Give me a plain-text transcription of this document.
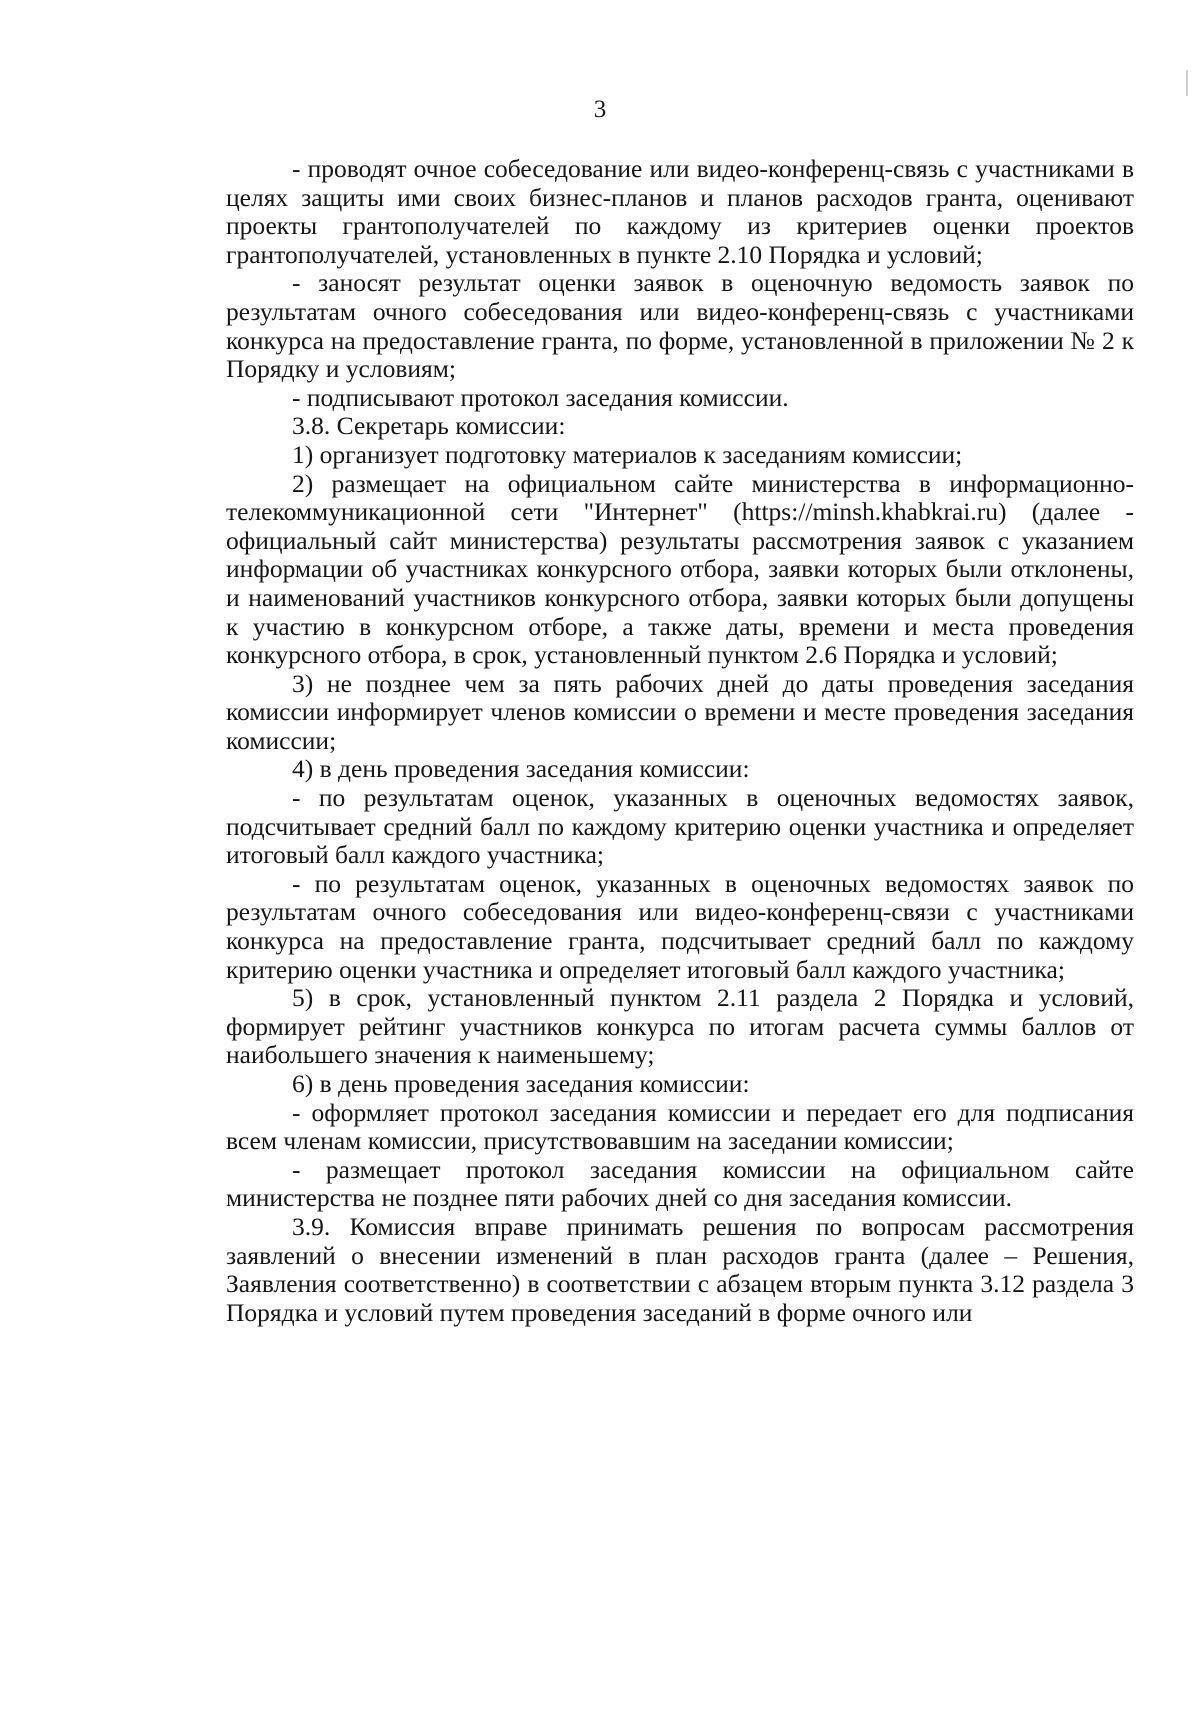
3

- проводят очное собеседование или видео-конференц-связь с участниками в целях защиты ими своих бизнес-планов и планов расходов гранта, оценивают проекты грантополучателей по каждому из критериев оценки проектов грантополучателей, установленных в пункте 2.10 Порядка и условий;

- заносят результат оценки заявок в оценочную ведомость заявок по результатам очного собеседования или видео-конференц-связь с участниками конкурса на предоставление гранта, по форме, установленной в приложении № 2 к Порядку и условиям;

- подписывают протокол заседания комиссии.

3.8. Секретарь комиссии:

1) организует подготовку материалов к заседаниям комиссии;

2) размещает на официальном сайте министерства в информационно-телекоммуникационной сети "Интернет" (https://minsh.khabkrai.ru) (далее - официальный сайт министерства) результаты рассмотрения заявок с указанием информации об участниках конкурсного отбора, заявки которых были отклонены, и наименований участников конкурсного отбора, заявки которых были допущены к участию в конкурсном отборе, а также даты, времени и места проведения конкурсного отбора, в срок, установленный пунктом 2.6 Порядка и условий;

3) не позднее чем за пять рабочих дней до даты проведения заседания комиссии информирует членов комиссии о времени и месте проведения заседания комиссии;

4) в день проведения заседания комиссии:

- по результатам оценок, указанных в оценочных ведомостях заявок, подсчитывает средний балл по каждому критерию оценки участника и определяет итоговый балл каждого участника;

- по результатам оценок, указанных в оценочных ведомостях заявок по результатам очного собеседования или видео-конференц-связи с участниками конкурса на предоставление гранта, подсчитывает средний балл по каждому критерию оценки участника и определяет итоговый балл каждого участника;

5) в срок, установленный пунктом 2.11 раздела 2 Порядка и условий, формирует рейтинг участников конкурса по итогам расчета суммы баллов от наибольшего значения к наименьшему;

6) в день проведения заседания комиссии:

- оформляет протокол заседания комиссии и передает его для подписания всем членам комиссии, присутствовавшим на заседании комиссии;

- размещает протокол заседания комиссии на официальном сайте министерства не позднее пяти рабочих дней со дня заседания комиссии.

3.9. Комиссия вправе принимать решения по вопросам рассмотрения заявлений о внесении изменений в план расходов гранта (далее – Решения, Заявления соответственно) в соответствии с абзацем вторым пункта 3.12 раздела 3 Порядка и условий путем проведения заседаний в форме очного или
